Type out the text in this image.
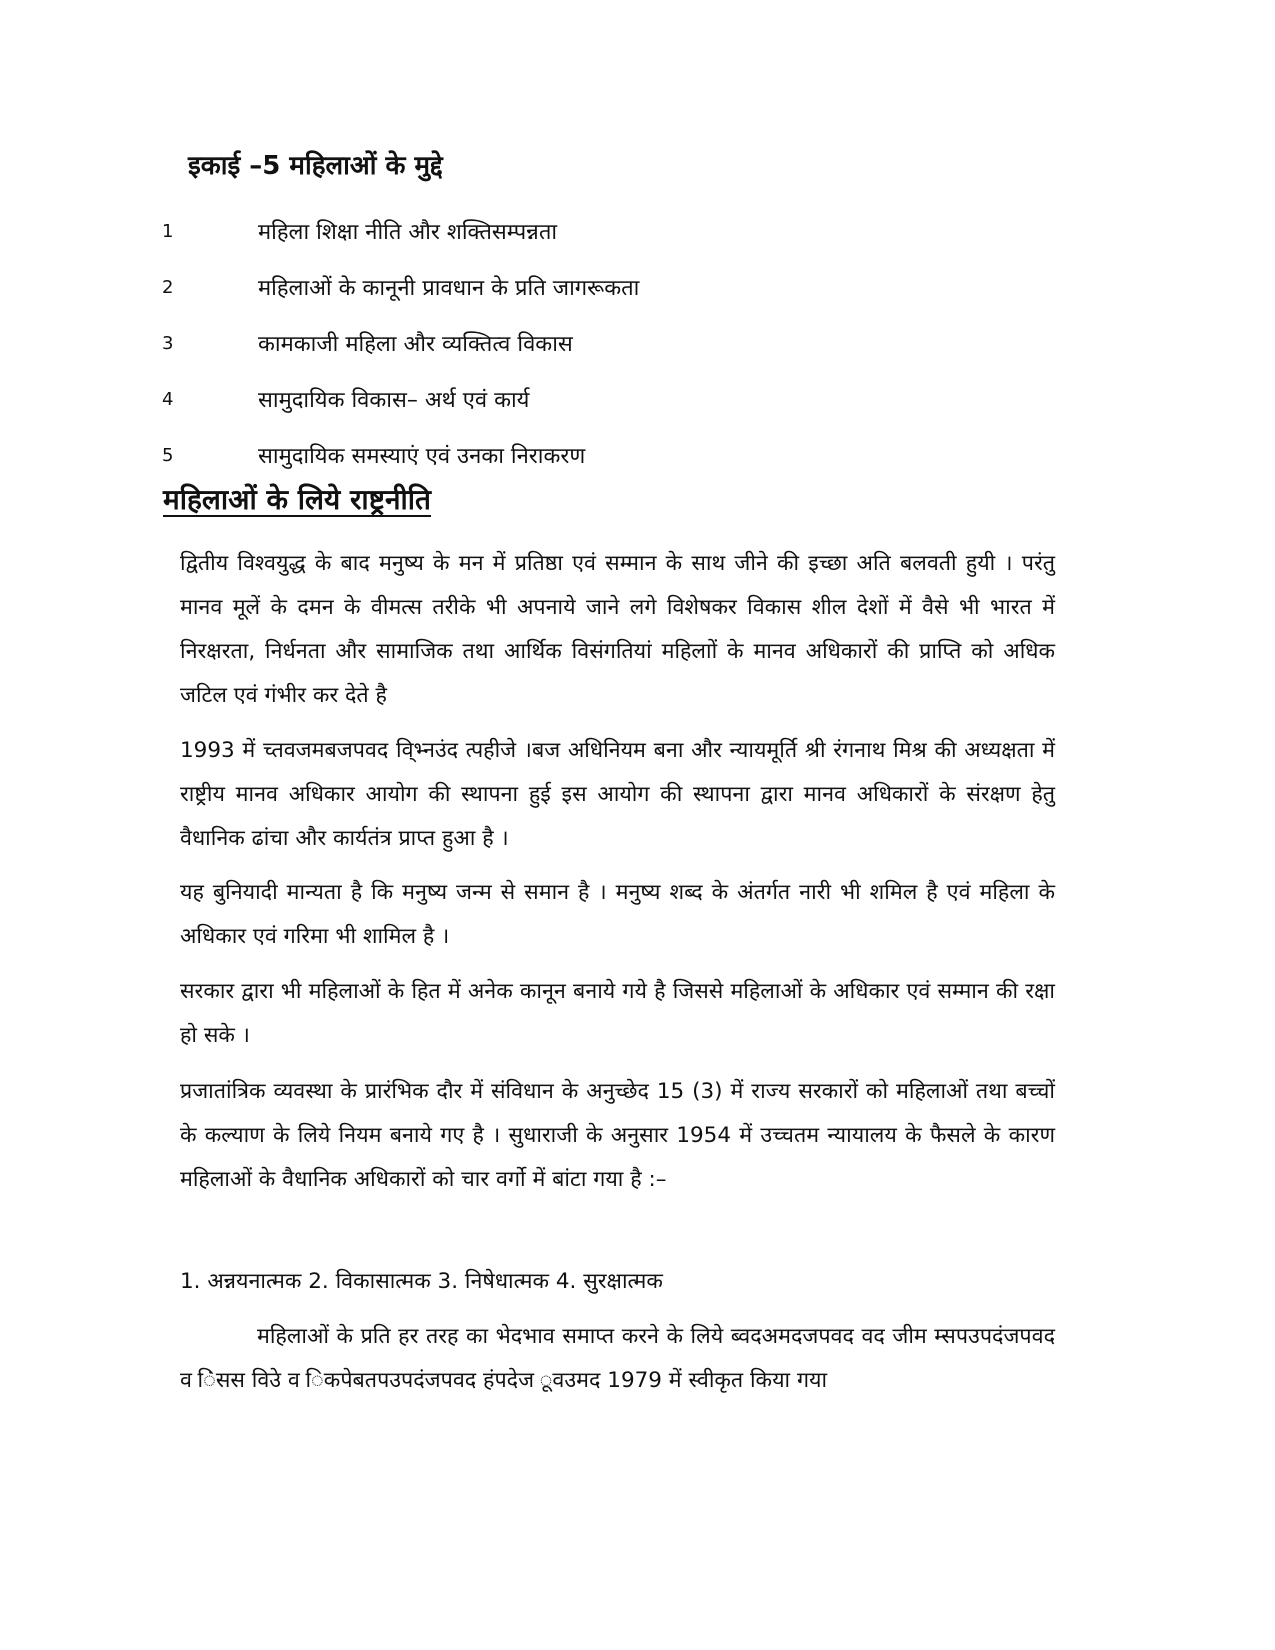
इकाई –5 महिलाओं के मुद्दे
1	महिला शिक्षा नीति और शक्तिसम्पन्नता
2	महिलाओं के कानूनी प्रावधान के प्रति जागरूकता
3	कामकाजी महिला और व्यक्तित्व विकास
4	सामुदायिक विकास– अर्थ एवं कार्य
5	सामुदायिक समस्याएं एवं उनका निराकरण
महिलाओं के लिये राष्ट्रनीति

द्वितीय विश्वयुद्ध के बाद मनुष्य के मन में प्रतिष्ठा एवं सम्मान के साथ जीने की इच्छा अति बलवती हुयी । परंतु मानव मूलें के दमन के वीमत्स तरीके भी अपनाये जाने लगे विशेषकर विकास शील देशों में वैसे भी भारत में निरक्षरता, निर्धनता और सामाजिक तथा आर्थिक विसंगतियां महिलाों के मानव अधिकारों की प्राप्ति को अधिक जटिल एवं गंभीर कर देते है

1993 में च्तवजमबजपवद वि्भ्नउंद त्पहीजे ।बज अधिनियम बना और न्यायमूर्ति श्री रंगनाथ मिश्र की अध्यक्षता में राष्ट्रीय मानव अधिकार आयोग की स्थापना हुई इस आयोग की स्थापना द्वारा मानव अधिकारों के संरक्षण हेतु वैधानिक ढांचा और कार्यतंत्र प्राप्त हुआ है ।

यह बुनियादी मान्यता है कि मनुष्य जन्म से समान है । मनुष्य शब्द के अंतर्गत नारी भी शमिल है एवं महिला के अधिकार एवं गरिमा भी शामिल है ।

सरकार द्वारा भी महिलाओं के हित में अनेक कानून बनाये गये है जिससे महिलाओं के अधिकार एवं सम्मान की रक्षा हो सके ।

प्रजातांत्रिक व्यवस्था के प्रारंभिक दौर में संविधान के अनुच्छेद 15 (3) में राज्य सरकारों को महिलाओं तथा बच्चों के कल्याण के लिये नियम बनाये गए है । सुधाराजी के अनुसार 1954 में उच्चतम न्यायालय के फैसले के कारण महिलाओं के वैधानिक अधिकारों को चार वर्गो में बांटा गया है :–

1. अन्नयनात्मक 2. विकासात्मक 3. निषेधात्मक 4. सुरक्षात्मक

महिलाओं के प्रति हर तरह का भेदभाव समाप्त करने के लिये ब्वदअमदजपवद वद जीम म्सपउपदंजपवद व िंसस विउे व िकपेबतपउपदंजपवद हंपदेज ूवउमद 1979 में स्वीकृत किया गया
